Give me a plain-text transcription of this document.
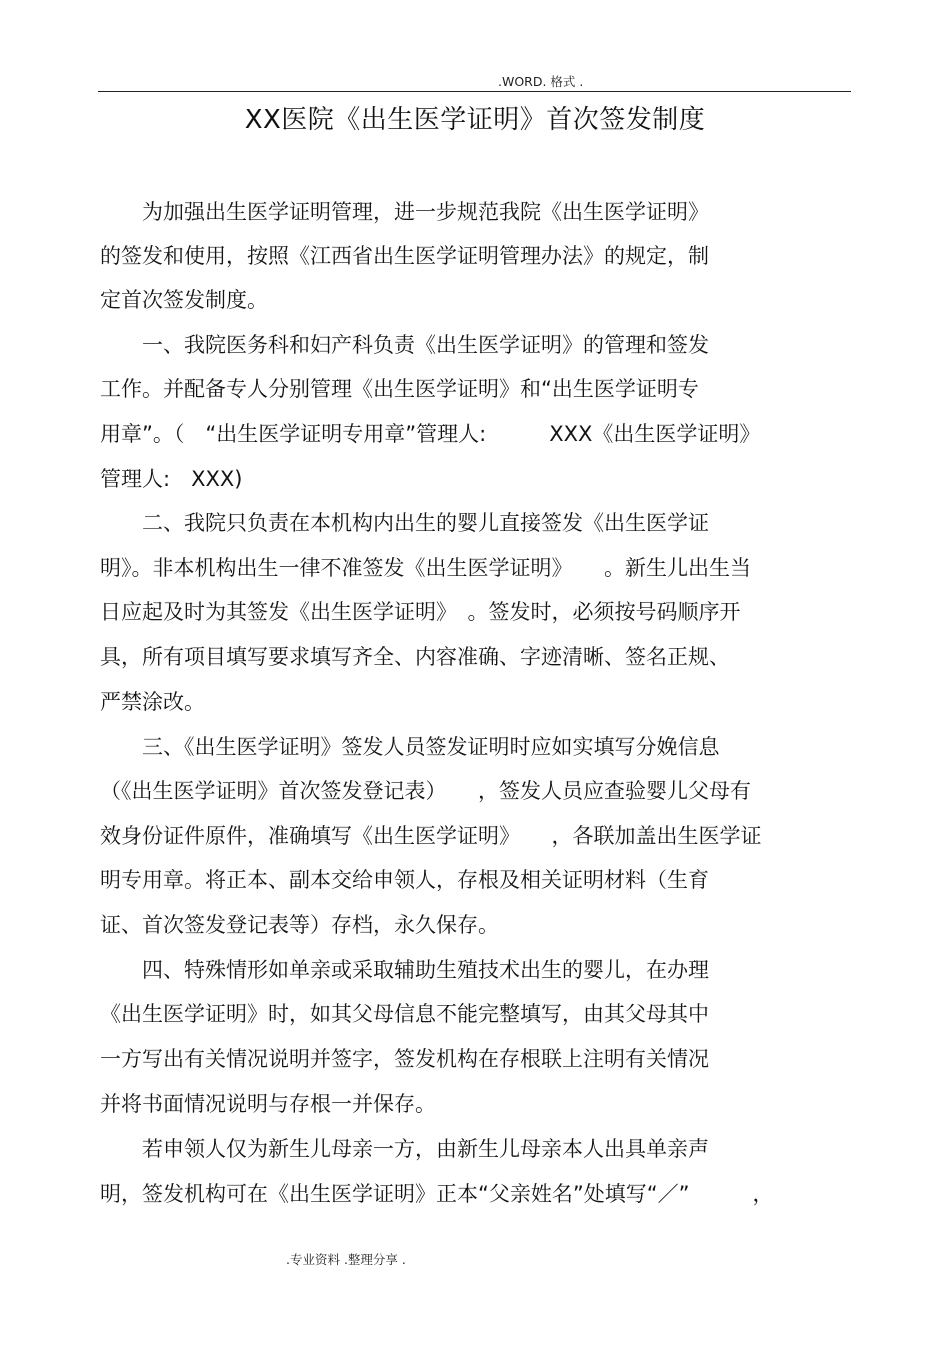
.WORD. 格式 .
XX医院《出生医学证明》首次签发制度
　　为加强出生医学证明管理，进一步规范我院《出生医学证明》
的签发和使用，按照《江西省出生医学证明管理办法》的规定，制
定首次签发制度。
　　一、我院医务科和妇产科负责《出生医学证明》的管理和签发
工作。并配备专人分别管理《出生医学证明》和“出生医学证明专
用章”。（　“出生医学证明专用章”管理人:　　　XXX《出生医学证明》
管理人:　XXX)
　　二、我院只负责在本机构内出生的婴儿直接签发《出生医学证
明》。非本机构出生一律不准签发《出生医学证明》　　。新生儿出生当
日应起及时为其签发《出生医学证明》　。签发时，必须按号码顺序开
具，所有项目填写要求填写齐全、内容准确、字迹清晰、签名正规、
严禁涂改。
　　三、《出生医学证明》签发人员签发证明时应如实填写分娩信息
（《出生医学证明》首次签发登记表）　　，签发人员应查验婴儿父母有
效身份证件原件，准确填写《出生医学证明》　　，各联加盖出生医学证
明专用章。将正本、副本交给申领人，存根及相关证明材料（生育
证、首次签发登记表等）存档，永久保存。
　　四、特殊情形如单亲或采取辅助生殖技术出生的婴儿，在办理
《出生医学证明》时，如其父母信息不能完整填写，由其父母其中
一方写出有关情况说明并签字，签发机构在存根联上注明有关情况
并将书面情况说明与存根一并保存。
　　若申领人仅为新生儿母亲一方，由新生儿母亲本人出具单亲声
明，签发机构可在《出生医学证明》正本“父亲姓名”处填写“／”　　　，
.专业资料 .整理分享 .
